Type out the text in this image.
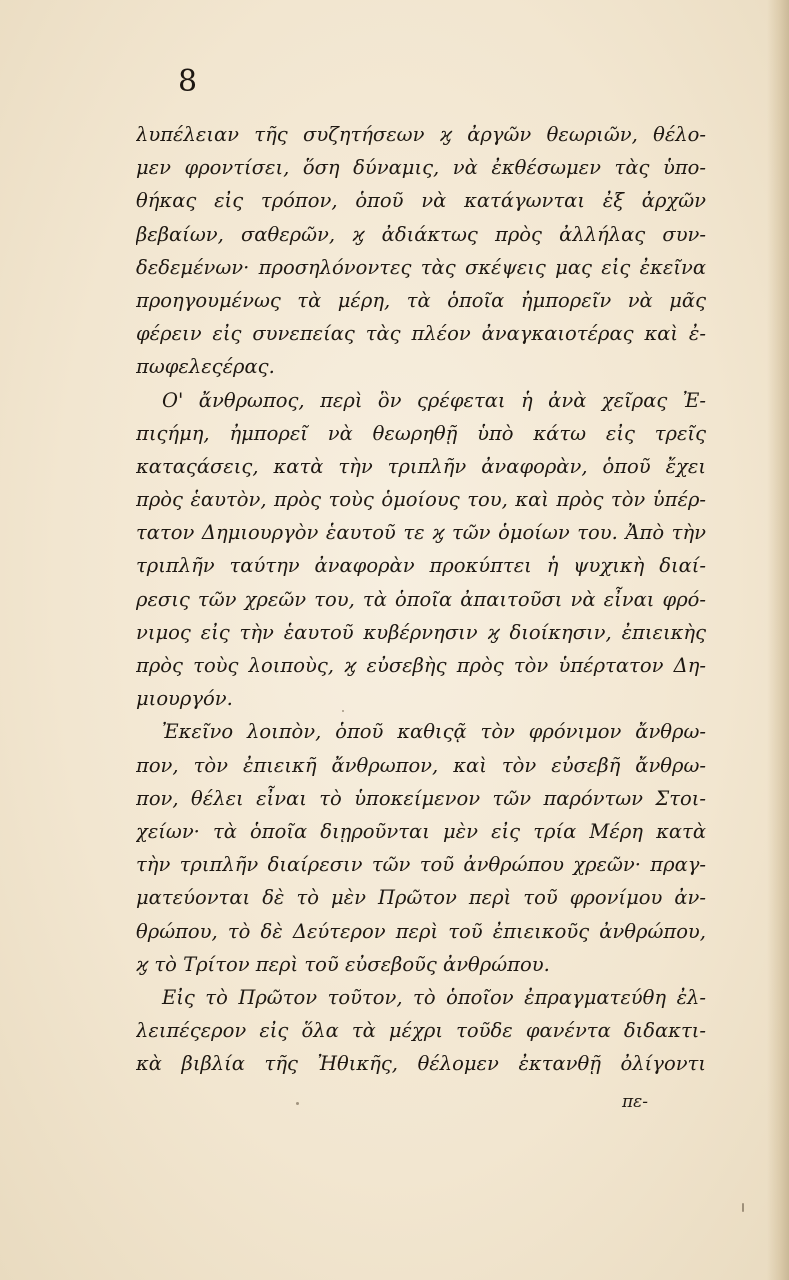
8
λυπέλειαν τῆς συζητήσεων ϗ ἀργῶν θεωριῶν, θέλο-
μεν φροντίσει, ὅση δύναμις, νὰ ἐκθέσωμεν τὰς ὑπο-
θήκας εἰς τρόπον, ὁποῦ νὰ κατάγωνται ἐξ ἀρχῶν
βεβαίων, σαθερῶν, ϗ ἀδιάκτως πρὸς ἀλλήλας συν-
δεδεμένων· προσηλόνοντες τὰς σκέψεις μας εἰς ἐκεῖνα
προηγουμένως τὰ μέρη, τὰ ὁποῖα ἠμπορεῖν νὰ μᾶς
φέρειν εἰς συνεπείας τὰς πλέον ἀναγκαιοτέρας καὶ ἐ-
πωφελεςέρας.
Ο' ἄνθρωπος, περὶ ὃν ςρέφεται ἡ ἀνὰ χεῖρας Ἐ-
πιςήμη, ἠμπορεῖ νὰ θεωρηθῇ ὑπὸ κάτω εἰς τρεῖς
καταςάσεις, κατὰ τὴν τριπλῆν ἀναφορὰν, ὁποῦ ἔχει
πρὸς ἑαυτὸν, πρὸς τοὺς ὁμοίους του, καὶ πρὸς τὸν ὑπέρ-
τατον Δημιουργὸν ἑαυτοῦ τε ϗ τῶν ὁμοίων του. Ἀπὸ τὴν
τριπλῆν ταύτην ἀναφορὰν προκύπτει ἡ ψυχικὴ διαί-
ρεσις τῶν χρεῶν του, τὰ ὁποῖα ἀπαιτοῦσι νὰ εἶναι φρό-
νιμος εἰς τὴν ἑαυτοῦ κυβέρνησιν ϗ διοίκησιν, ἐπιεικὴς
πρὸς τοὺς λοιποὺς, ϗ εὐσεβὴς πρὸς τὸν ὑπέρτατον Δη-
μιουργόν.
Ἐκεῖνο λοιπὸν, ὁποῦ καθιςᾷ τὸν φρόνιμον ἄνθρω-
πον, τὸν ἐπιεικῆ ἄνθρωπον, καὶ τὸν εὐσεβῆ ἄνθρω-
πον, θέλει εἶναι τὸ ὑποκείμενον τῶν παρόντων Στοι-
χείων· τὰ ὁποῖα διῃροῦνται μὲν εἰς τρία Μέρη κατὰ
τὴν τριπλῆν διαίρεσιν τῶν τοῦ ἀνθρώπου χρεῶν· πραγ-
ματεύονται δὲ τὸ μὲν Πρῶτον περὶ τοῦ φρονίμου ἀν-
θρώπου, τὸ δὲ Δεύτερον περὶ τοῦ ἐπιεικοῦς ἀνθρώπου,
ϗ τὸ Τρίτον περὶ τοῦ εὐσεβοῦς ἀνθρώπου.
Εἰς τὸ Πρῶτον τοῦτον, τὸ ὁποῖον ἐπραγματεύθη ἐλ-
λειπέςερον εἰς ὅλα τὰ μέχρι τοῦδε φανέντα διδακτι-
κὰ βιβλία τῆς Ἠθικῆς, θέλομεν ἐκτανθῇ ὀλίγοντι
πε-
